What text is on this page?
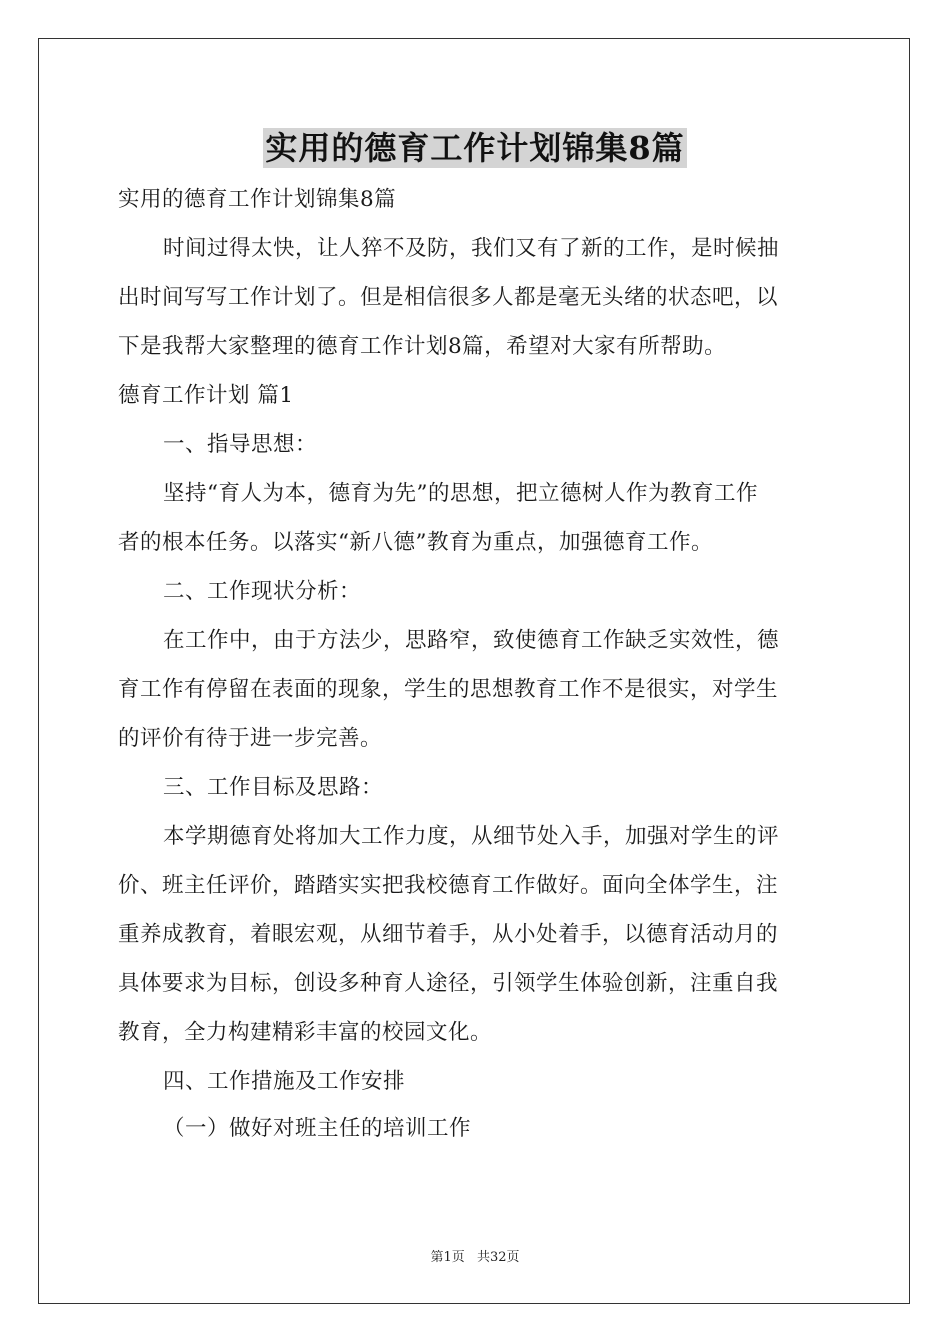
实用的德育工作计划锦集8篇
实用的德育工作计划锦集8篇
时间过得太快，让人猝不及防，我们又有了新的工作，是时候抽
出时间写写工作计划了。但是相信很多人都是毫无头绪的状态吧，以
下是我帮大家整理的德育工作计划8篇，希望对大家有所帮助。
德育工作计划 篇1
一、指导思想：
坚持“育人为本，德育为先”的思想，把立德树人作为教育工作
者的根本任务。以落实“新八德”教育为重点，加强德育工作。
二、工作现状分析：
在工作中，由于方法少，思路窄，致使德育工作缺乏实效性，德
育工作有停留在表面的现象，学生的思想教育工作不是很实，对学生
的评价有待于进一步完善。
三、工作目标及思路：
本学期德育处将加大工作力度，从细节处入手，加强对学生的评
价、班主任评价，踏踏实实把我校德育工作做好。面向全体学生，注
重养成教育，着眼宏观，从细节着手，从小处着手，以德育活动月的
具体要求为目标，创设多种育人途径，引领学生体验创新，注重自我
教育，全力构建精彩丰富的校园文化。
四、工作措施及工作安排
（一）做好对班主任的培训工作
第1页 共32页
